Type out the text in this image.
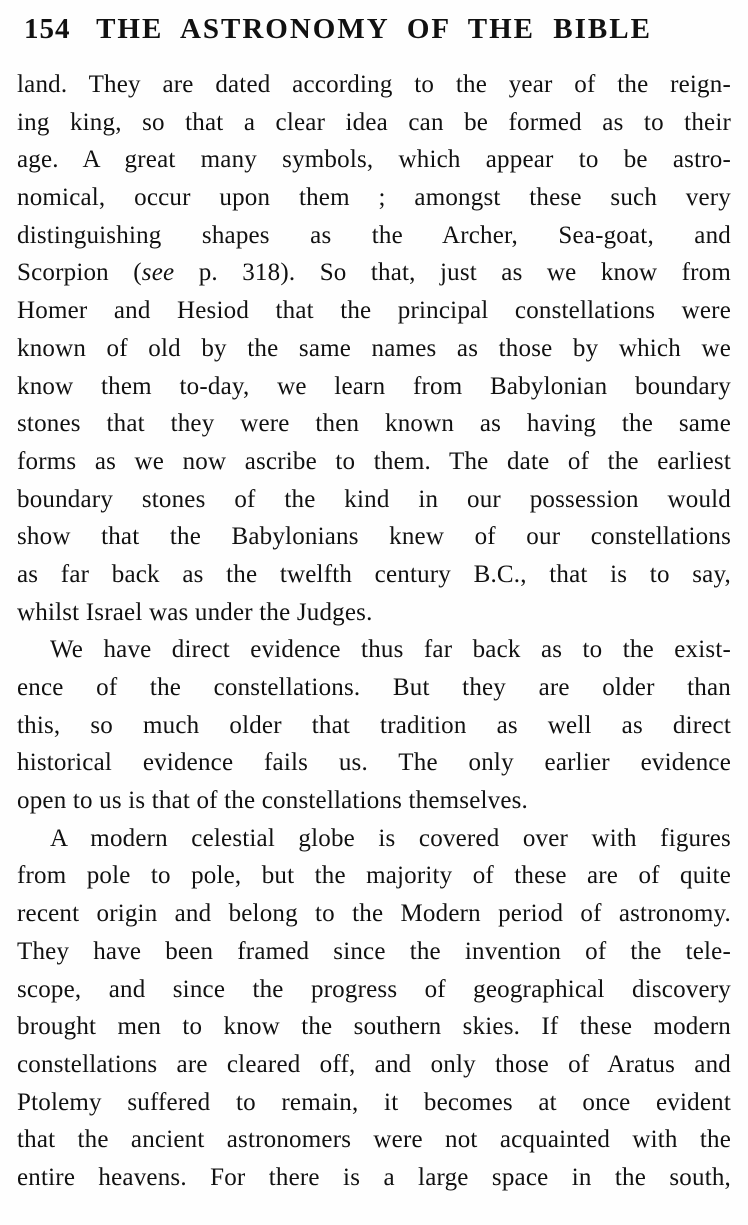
154 THE ASTRONOMY OF THE BIBLE
land. They are dated according to the year of the reign-
ing king, so that a clear idea can be formed as to their
age. A great many symbols, which appear to be astro-
nomical, occur upon them ; amongst these such very
distinguishing shapes as the Archer, Sea-goat, and
Scorpion (see p. 318). So that, just as we know from
Homer and Hesiod that the principal constellations were
known of old by the same names as those by which we
know them to-day, we learn from Babylonian boundary
stones that they were then known as having the same
forms as we now ascribe to them. The date of the earliest
boundary stones of the kind in our possession would
show that the Babylonians knew of our constellations
as far back as the twelfth century B.C., that is to say,
whilst Israel was under the Judges.
We have direct evidence thus far back as to the exist-
ence of the constellations. But they are older than
this, so much older that tradition as well as direct
historical evidence fails us. The only earlier evidence
open to us is that of the constellations themselves.
A modern celestial globe is covered over with figures
from pole to pole, but the majority of these are of quite
recent origin and belong to the Modern period of astronomy.
They have been framed since the invention of the tele-
scope, and since the progress of geographical discovery
brought men to know the southern skies. If these modern
constellations are cleared off, and only those of Aratus and
Ptolemy suffered to remain, it becomes at once evident
that the ancient astronomers were not acquainted with the
entire heavens. For there is a large space in the south,
